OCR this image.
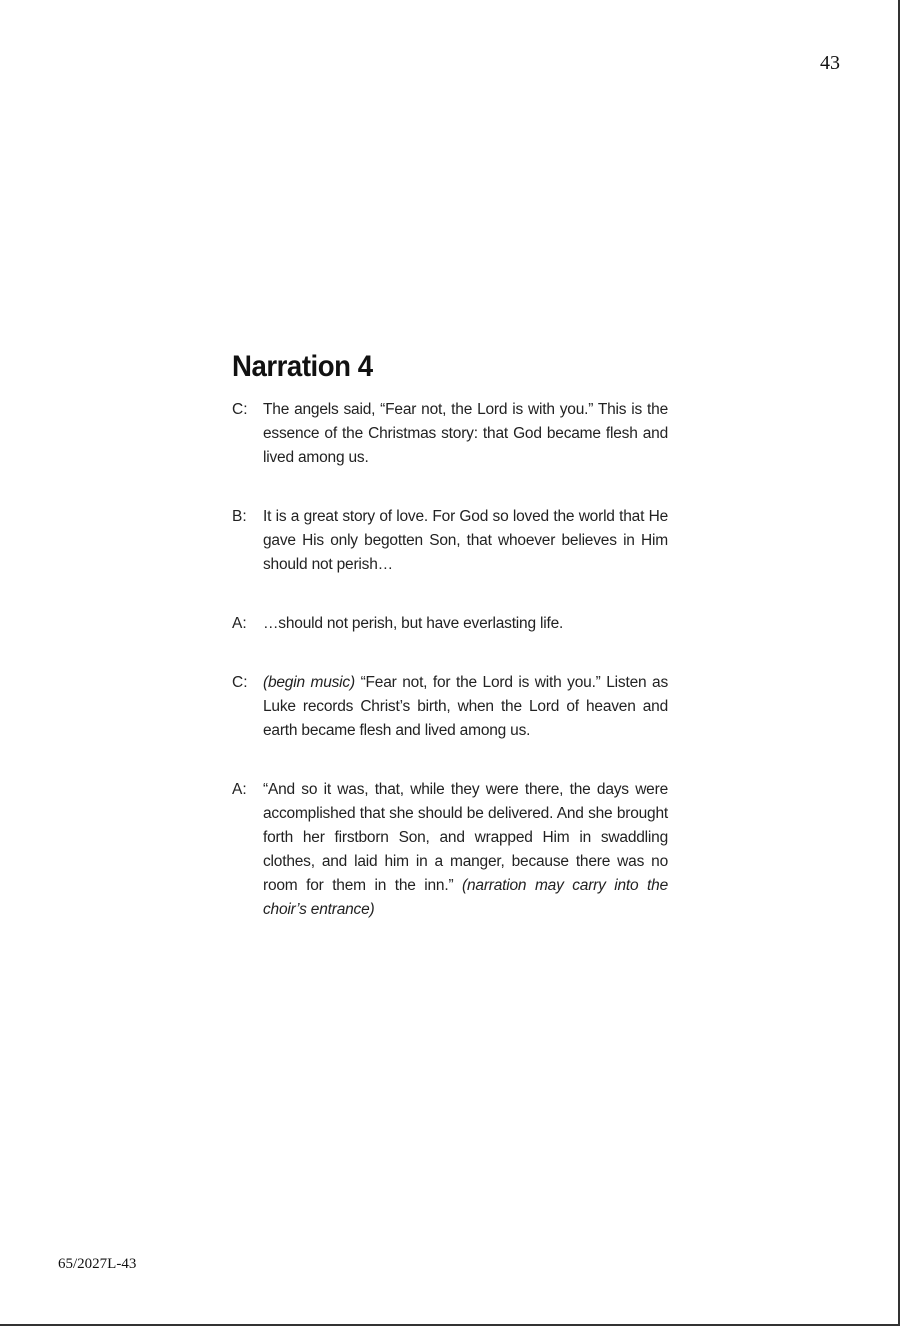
43
Narration 4
C:	The angels said, “Fear not, the Lord is with you.” This is the essence of the Christmas story: that God became flesh and lived among us.
B:	It is a great story of love. For God so loved the world that He gave His only begotten Son, that whoever believes in Him should not perish…
A:	…should not perish, but have everlasting life.
C:	(begin music) “Fear not, for the Lord is with you.” Listen as Luke records Christ’s birth, when the Lord of heaven and earth became flesh and lived among us.
A:	“And so it was, that, while they were there, the days were accomplished that she should be delivered. And she brought forth her firstborn Son, and wrapped Him in swaddling clothes, and laid him in a manger, because there was no room for them in the inn.” (narration may carry into the choir’s entrance)
65/2027L-43
